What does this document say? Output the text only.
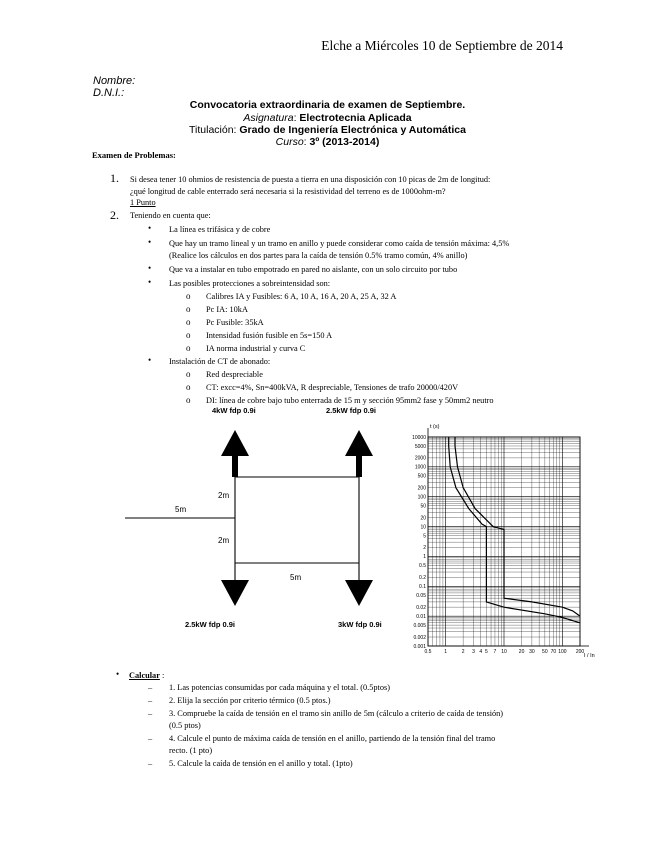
Elche a Miércoles 10 de Septiembre de 2014
Nombre:
D.N.I.:
Convocatoria extraordinaria de examen de Septiembre.
Asignatura: Electrotecnia Aplicada
Titulación: Grado de Ingeniería Electrónica y Automática
Curso: 3º (2013-2014)
Examen de Problemas:
1. Si desea tener 10 ohmios de resistencia de puesta a tierra en una disposición con 10 picas de 2m de longitud:
¿qué longitud de cable enterrado será necesaria si la resistividad del terreno es de 1000ohm-m?
1 Punto
2. Teniendo en cuenta que:
• La línea es trifásica y de cobre
• Que hay un tramo lineal y un tramo en anillo y puede considerar como caída de tensión máxima: 4,5%
(Realice los cálculos en dos partes para la caída de tensión 0.5% tramo común, 4% anillo)
• Que va a instalar en tubo empotrado en pared no aislante, con un solo circuito por tubo
• Las posibles protecciones a sobreintensidad son:
o Calibres IA y Fusibles: 6 A, 10 A, 16 A, 20 A, 25 A, 32 A
o Pc IA: 10kA
o Pc Fusible: 35kA
o Intensidad fusión fusible en 5s=150 A
o IA norma industrial y curva C
• Instalación de CT de abonado:
o Red despreciable
o CT: excc=4%, Sn=400kVA, R despreciable, Tensiones de trafo 20000/420V
o DI: línea de cobre bajo tubo enterrada de 15 m y sección 95mm2 fase y 50mm2 neutro
4kW fdp 0.9i	2.5kW fdp 0.9i
2.5kW fdp 0.9i	3kW fdp 0.9i
5m
2m
2m
5m
10000
5000
2000
1000
500
200
100
50
20
10
5
2
1
0.5
0.2
0.1
0.05
0.02
0.01
0.005
0.002
0.001
0.5	1	2 3 4 5 7 10 20 30 50 70 100 200
t (s)
I / In
• Calcular :
– 1. Las potencias consumidas por cada máquina y el total. (0.5ptos)
– 2. Elija la sección por criterio térmico (0.5 ptos.)
– 3. Compruebe la caída de tensión en el tramo sin anillo de 5m (cálculo a criterio de caída de tensión)
(0.5 ptos)
– 4. Calcule el punto de máxima caída de tensión en el anillo, partiendo de la tensión final del tramo
recto. (1 pto)
– 5. Calcule la caída de tensión en el anillo y total. (1pto)
